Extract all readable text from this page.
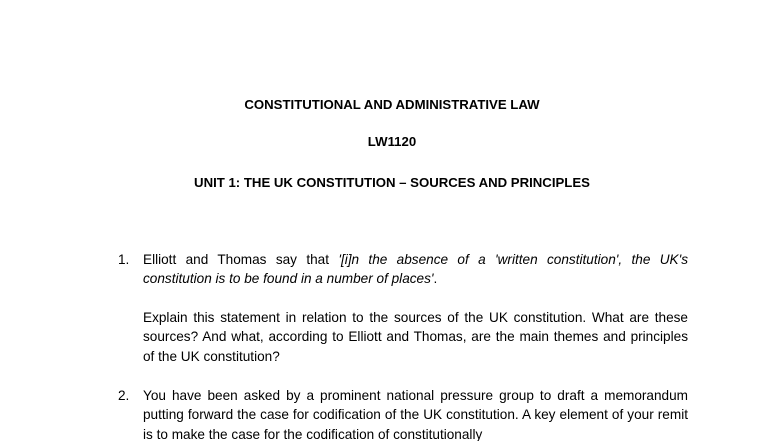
CONSTITUTIONAL AND ADMINISTRATIVE LAW
LW1120
UNIT 1: THE UK CONSTITUTION – SOURCES AND PRINCIPLES
1. Elliott and Thomas say that '[i]n the absence of a 'written constitution', the UK's constitution is to be found in a number of places'.

Explain this statement in relation to the sources of the UK constitution. What are these sources? And what, according to Elliott and Thomas, are the main themes and principles of the UK constitution?

2. You have been asked by a prominent national pressure group to draft a memorandum putting forward the case for codification of the UK constitution. A key element of your remit is to make the case for the codification of constitutionally
